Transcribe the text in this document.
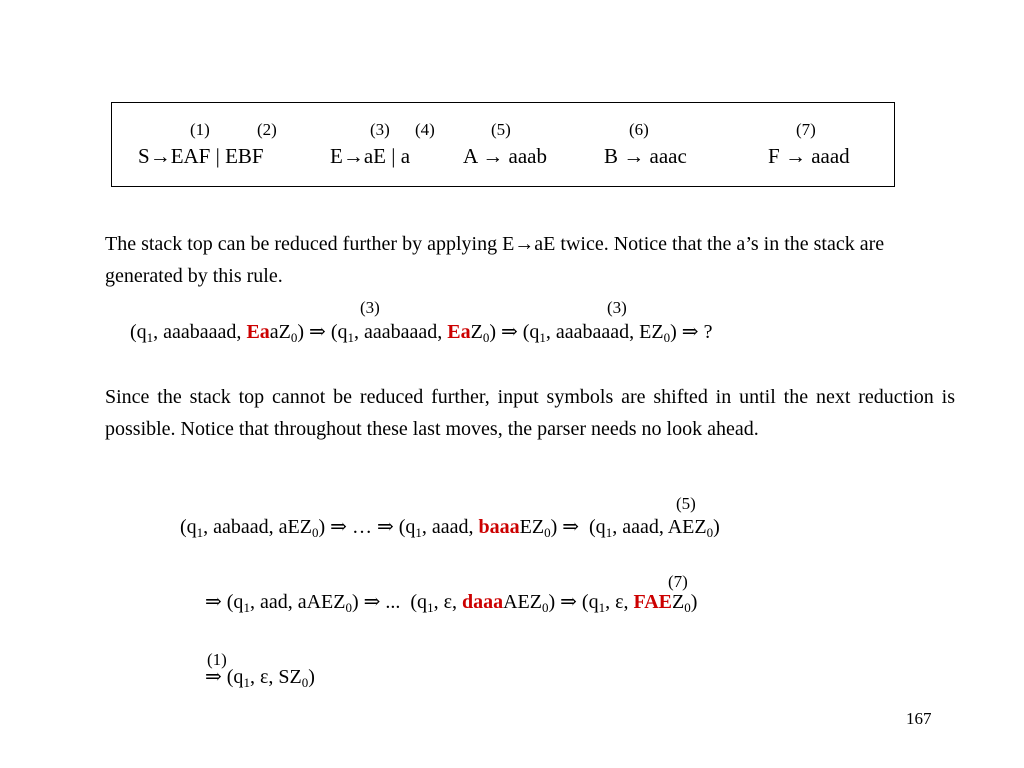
(1)	(2)	(3) (4)	(5)	(6)	(7)
S→EAF | EBF	E→aE | a	A → aaab	B → aaac	F → aaad
The stack top can be reduced further by applying E→aE twice. Notice that the a’s in the stack are generated by this rule.
(3)	(3)
($q_1$, aaabaaad, EaaZ$_0$) ⇒ ($q_1$, aaabaaad, EaZ$_0$) ⇒ ($q_1$, aaabaaad, $EZ_0$) ⇒ ?
Since the stack top cannot be reduced further, input symbols are shifted in until the next reduction is possible. Notice that throughout these last moves, the parser needs no look ahead.
(5)
($q_1$, aabaad, aEZ$_0$) ⇒ … ⇒ ($q_1$, aaad, baaaEZ$_0$) ⇒ ($q_1$, aaad, $AEZ_0$)
(7)
⇒ ($q_1$, aad, aAEZ$_0$) ⇒ ... ($q_1$, ε, daaaAEZ$_0$) ⇒ ($q_1$, ε, $FAEZ_0$)
(1)
⇒ ($q_1$, ε, $SZ_0$)
167
